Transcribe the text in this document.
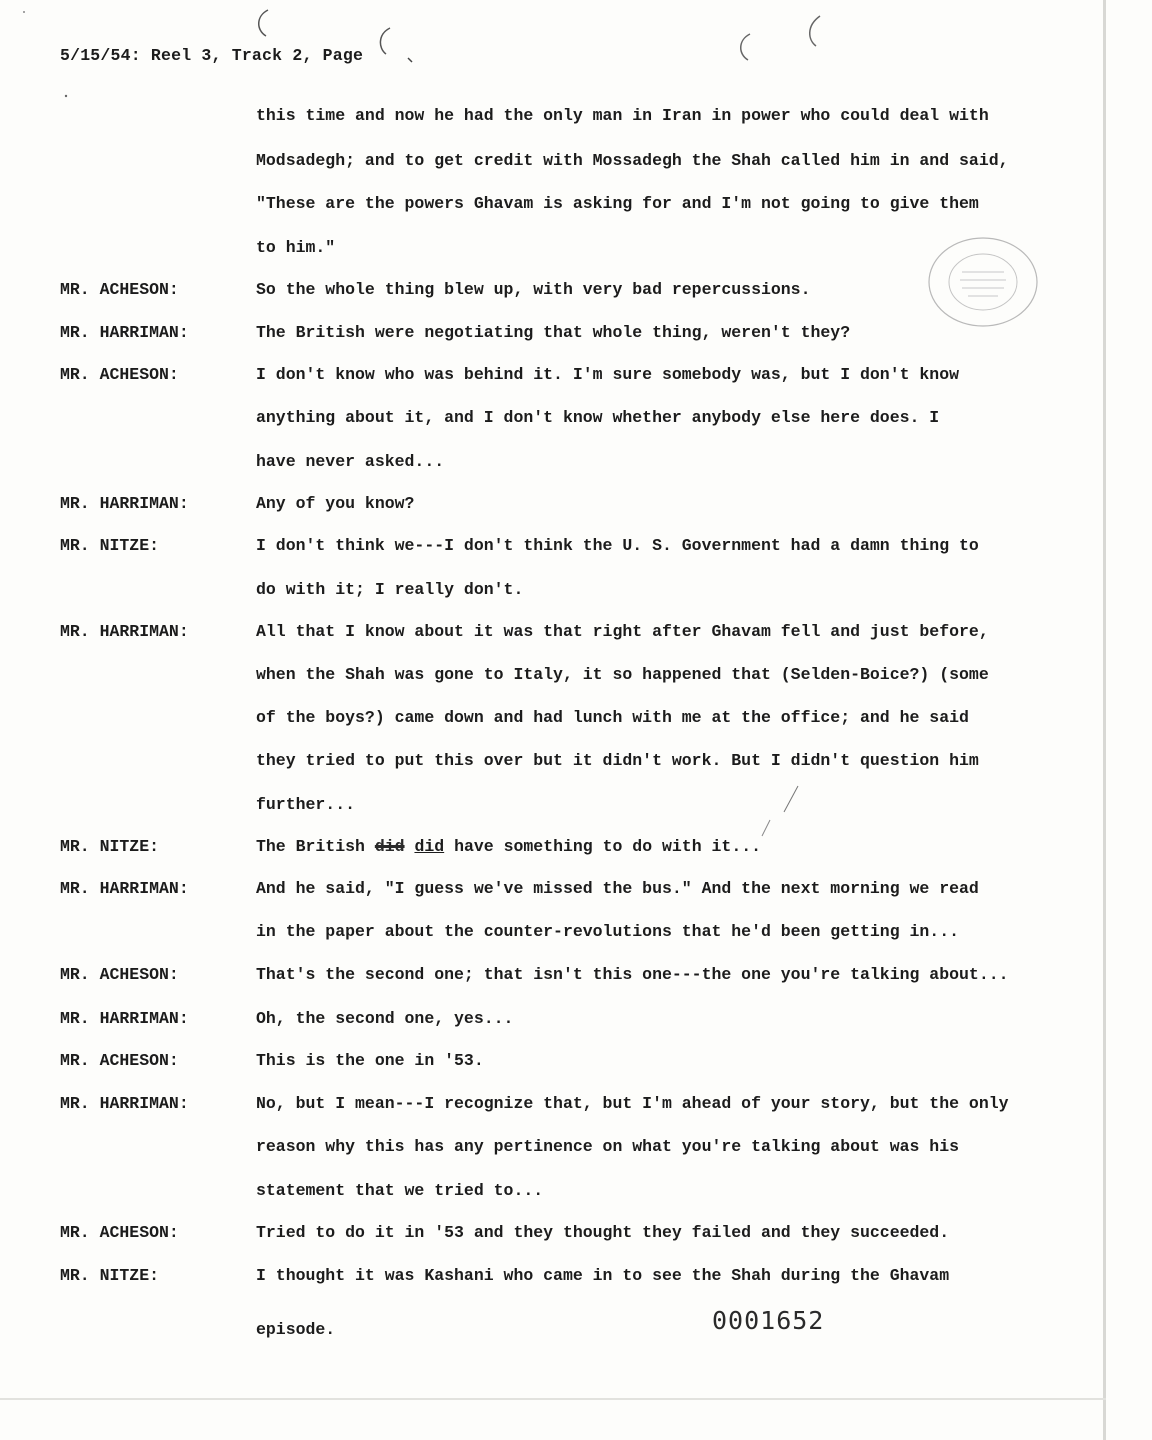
5/15/54: Reel 3, Track 2, Page
this time and now he had the only man in Iran in power who could deal with
Modsadegh; and to get credit with Mossadegh the Shah called him in and said,
"These are the powers Ghavam is asking for and I'm not going to give them
to him."
MR. ACHESON:	So the whole thing blew up, with very bad repercussions.
MR. HARRIMAN:	The British were negotiating that whole thing, weren't they?
MR. ACHESON:	I don't know who was behind it. I'm sure somebody was, but I don't know
anything about it, and I don't know whether anybody else here does. I
have never asked...
MR. HARRIMAN:	Any of you know?
MR. NITZE:	I don't think we---I don't think the U. S. Government had a damn thing to
do with it; I really don't.
MR. HARRIMAN:	All that I know about it was that right after Ghavam fell and just before,
when the Shah was gone to Italy, it so happened that (Selden-Boice?) (some
of the boys?) came down and had lunch with me at the office; and he said
they tried to put this over but it didn't work. But I didn't question him
further...
MR. NITZE:	The British did did have something to do with it...
MR. HARRIMAN:	And he said, "I guess we've missed the bus." And the next morning we read
in the paper about the counter-revolutions that he'd been getting in...
MR. ACHESON:	That's the second one; that isn't this one---the one you're talking about...
MR. HARRIMAN:	Oh, the second one, yes...
MR. ACHESON:	This is the one in '53.
MR. HARRIMAN:	No, but I mean---I recognize that, but I'm ahead of your story, but the only
reason why this has any pertinence on what you're talking about was his
statement that we tried to...
MR. ACHESON:	Tried to do it in '53 and they thought they failed and they succeeded.
MR. NITZE:	I thought it was Kashani who came in to see the Shah during the Ghavam
episode.	0001652
